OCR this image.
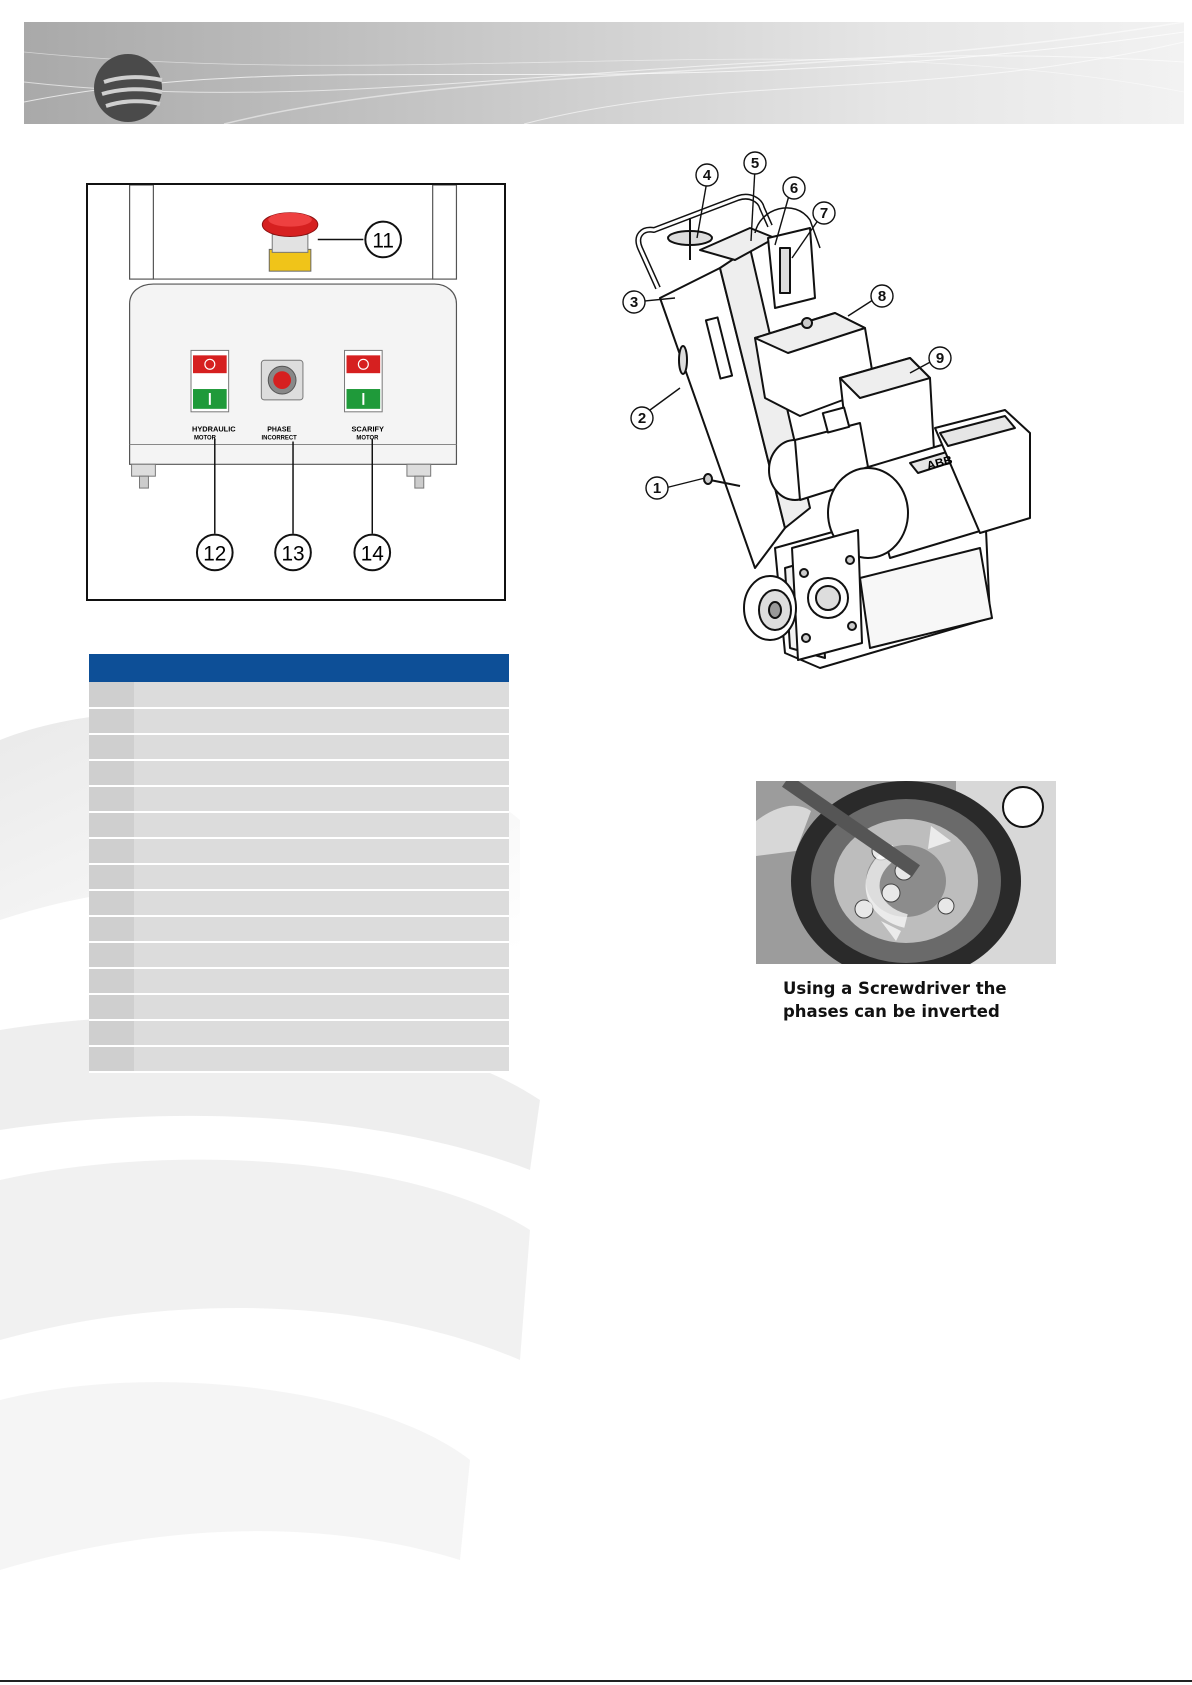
HYDRAULIC
MOTOR
PHASE
INCORRECT
SCARIFY
MOTOR
11
12	13	14

ABB
1
2
3
4
5
6
7
8
9
Using a Screwdriver the
phases can be inverted
